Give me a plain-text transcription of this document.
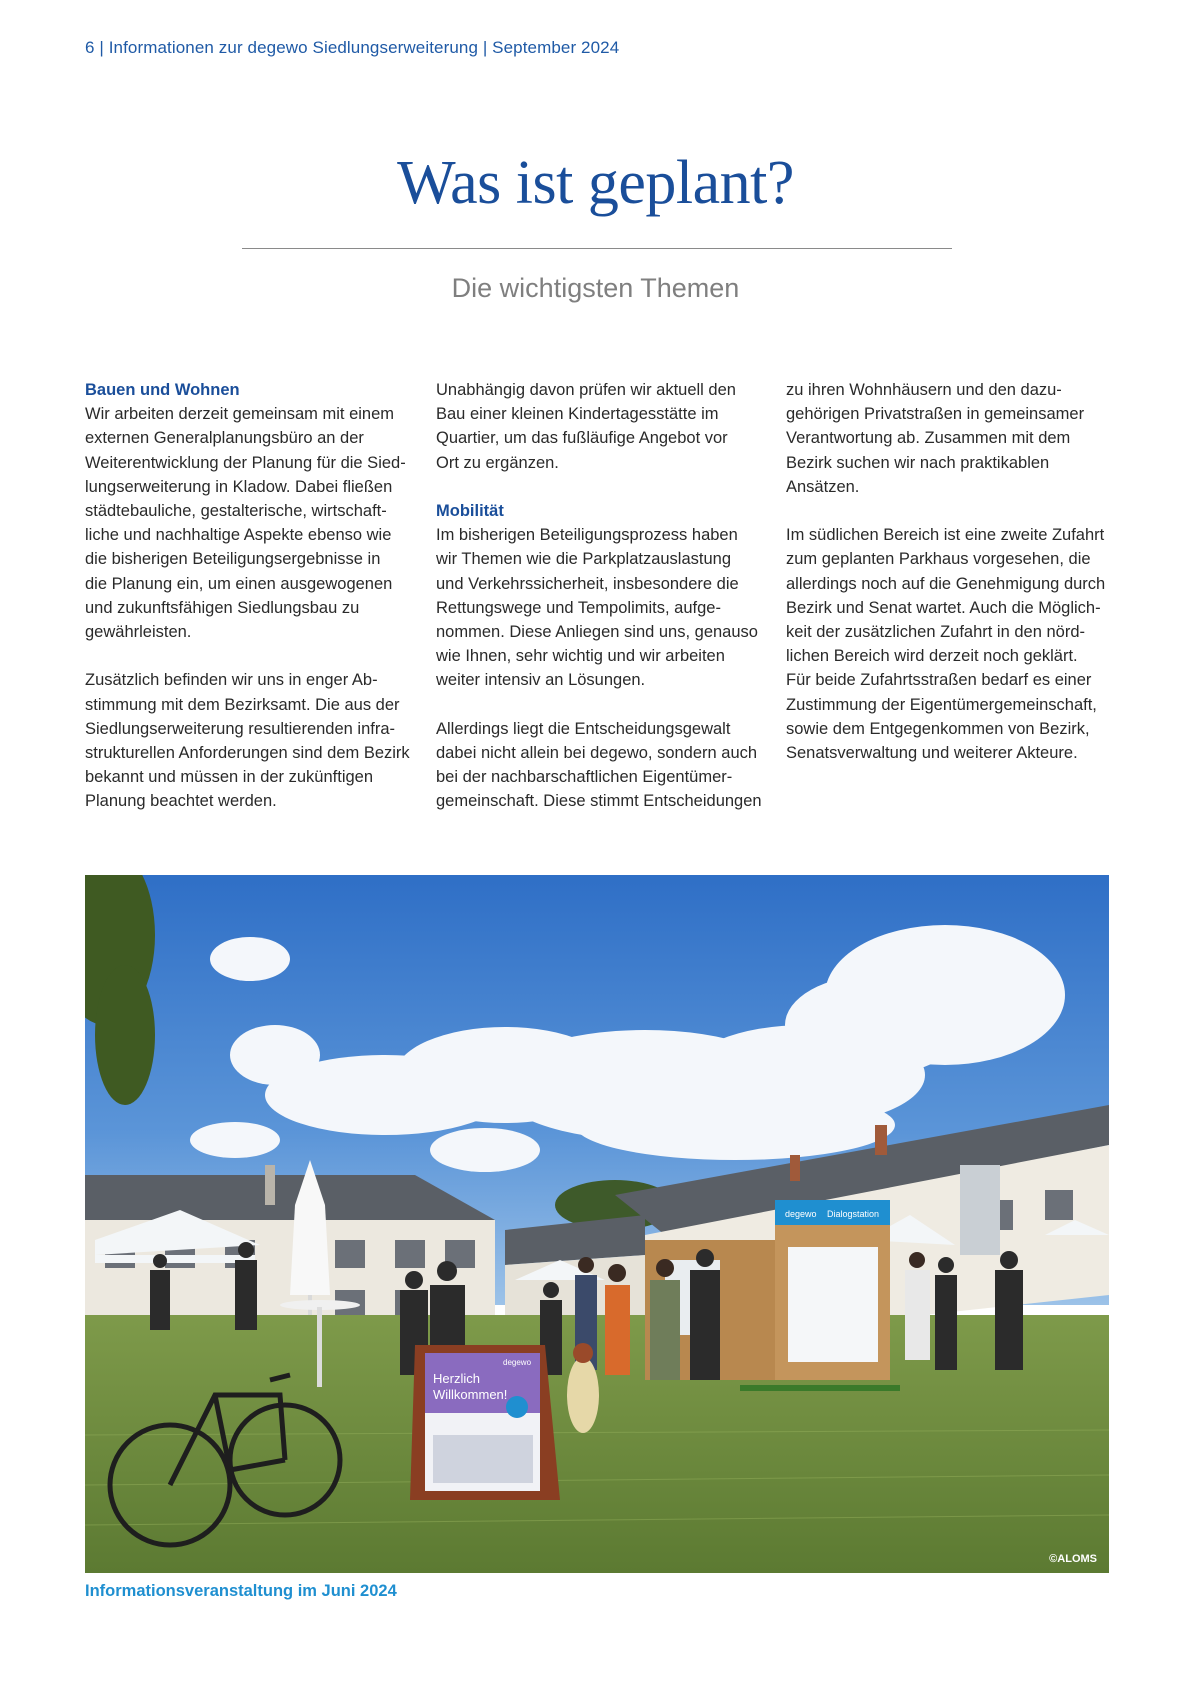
6 | Informationen zur degewo Siedlungserweiterung | September 2024
Was ist geplant?
Die wichtigsten Themen
Bauen und Wohnen
Wir arbeiten derzeit gemeinsam mit einem
externen Generalplanungsbüro an der
Weiterentwicklung der Planung für die Sied-
lungserweiterung in Kladow. Dabei fließen
städtebauliche, gestalterische, wirtschaft-
liche und nachhaltige Aspekte ebenso wie
die bisherigen Beteiligungsergebnisse in
die Planung ein, um einen ausgewogenen
und zukunftsfähigen Siedlungsbau zu
gewährleisten.
Zusätzlich befinden wir uns in enger Ab-
stimmung mit dem Bezirksamt. Die aus der
Siedlungserweiterung resultierenden infra-
strukturellen Anforderungen sind dem Bezirk
bekannt und müssen in der zukünftigen
Planung beachtet werden.
Unabhängig davon prüfen wir aktuell den
Bau einer kleinen Kindertagesstätte im
Quartier, um das fußläufige Angebot vor
Ort zu ergänzen.
Mobilität
Im bisherigen Beteiligungsprozess haben
wir Themen wie die Parkplatzauslastung
und Verkehrssicherheit, insbesondere die
Rettungswege und Tempolimits, aufge-
nommen. Diese Anliegen sind uns, genauso
wie Ihnen, sehr wichtig und wir arbeiten
weiter intensiv an Lösungen.
Allerdings liegt die Entscheidungsgewalt
dabei nicht allein bei degewo, sondern auch
bei der nachbarschaftlichen Eigentümer-
gemeinschaft. Diese stimmt Entscheidungen
zu ihren Wohnhäusern und den dazu-
gehörigen Privatstraßen in gemeinsamer
Verantwortung ab. Zusammen mit dem
Bezirk suchen wir nach praktikablen
Ansätzen.
Im südlichen Bereich ist eine zweite Zufahrt
zum geplanten Parkhaus vorgesehen, die
allerdings noch auf die Genehmigung durch
Bezirk und Senat wartet. Auch die Möglich-
keit der zusätzlichen Zufahrt in den nörd-
lichen Bereich wird derzeit noch geklärt.
Für beide Zufahrtsstraßen bedarf es einer
Zustimmung der Eigentümergemeinschaft,
sowie dem Entgegenkommen von Bezirk,
Senatsverwaltung und weiterer Akteure.
degewo Dialogstation
degewo
Herzlich
Willkommen!
©ALOMS
Informationsveranstaltung im Juni 2024
